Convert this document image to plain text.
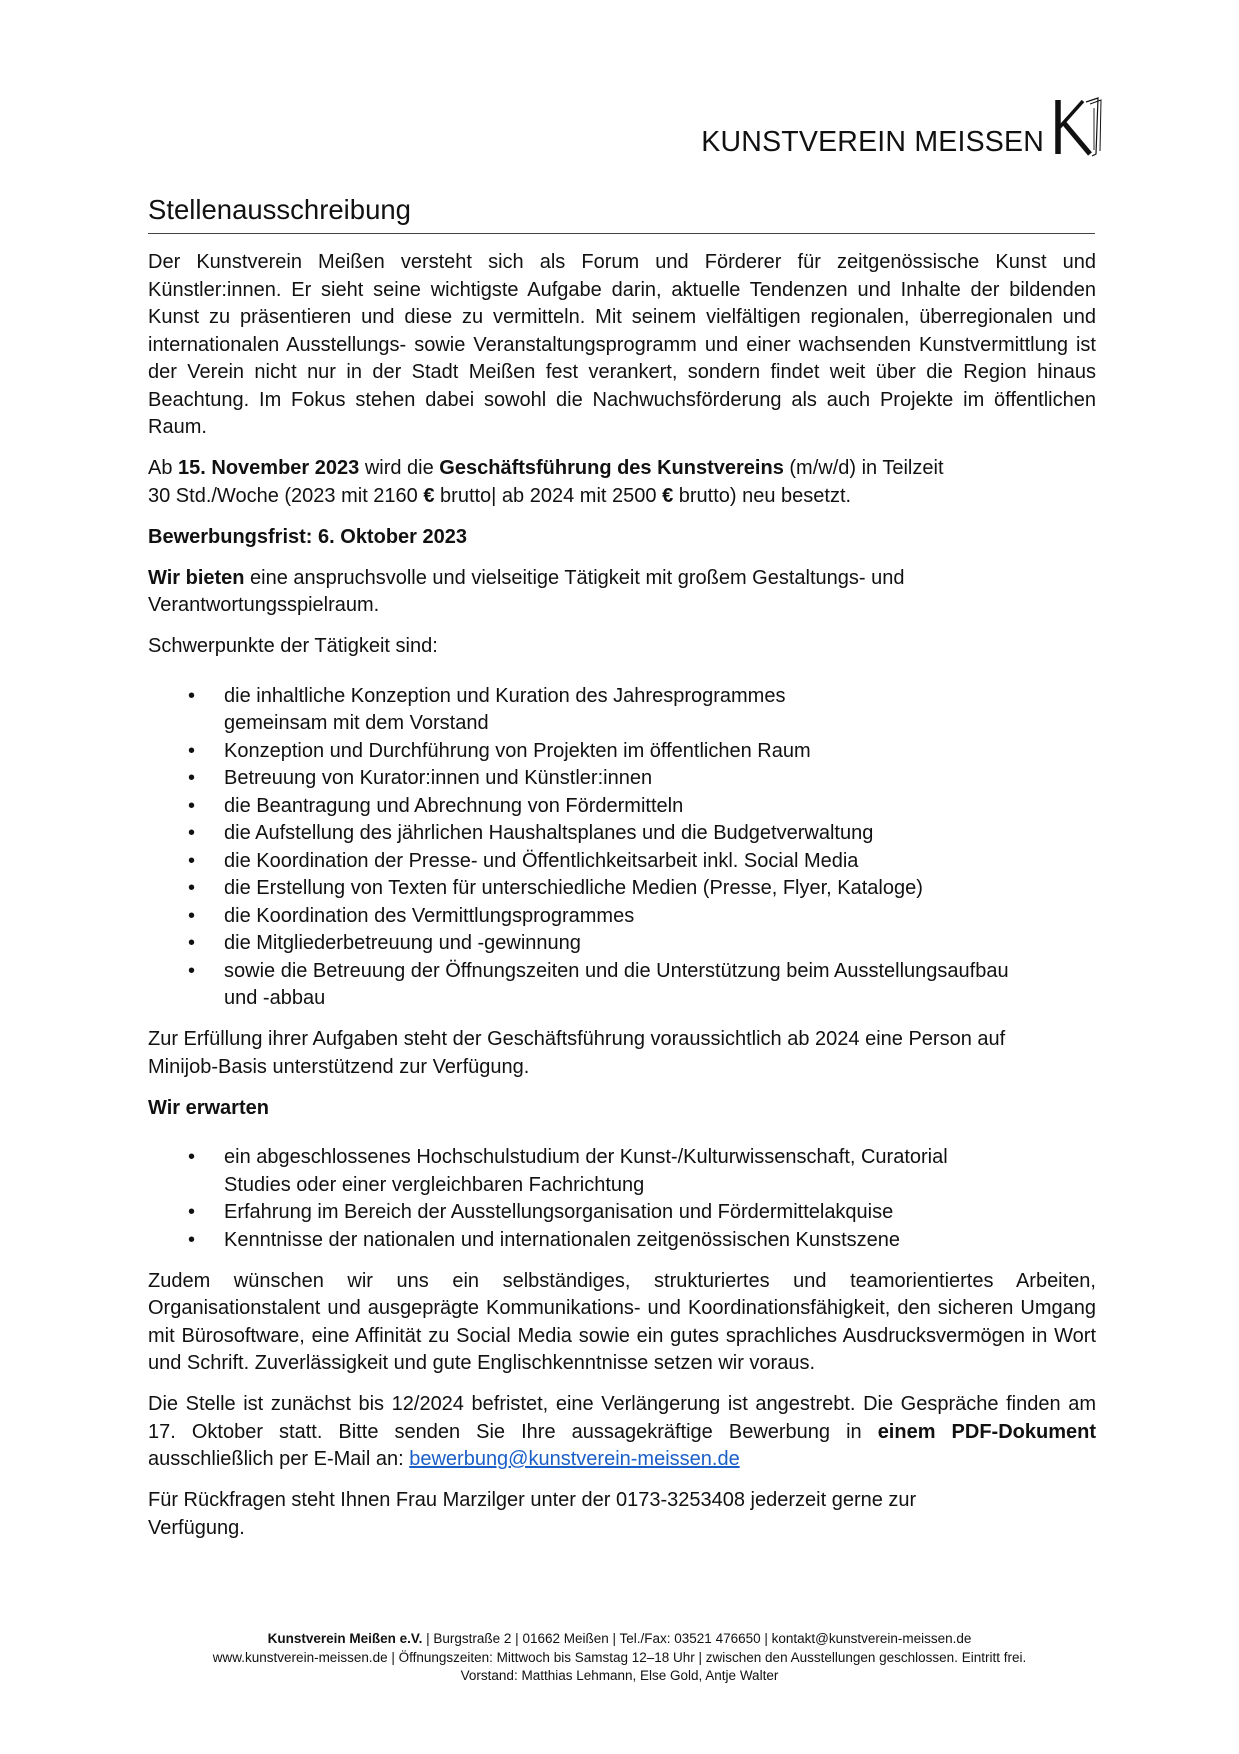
KUNSTVEREIN MEISSEN
Stellenausschreibung

Der Kunstverein Meißen versteht sich als Forum und Förderer für zeitgenössische Kunst und Künstler:innen. Er sieht seine wichtigste Aufgabe darin, aktuelle Tendenzen und Inhalte der bildenden Kunst zu präsentieren und diese zu vermitteln. Mit seinem vielfältigen regionalen, überregionalen und internationalen Ausstellungs- sowie Veranstaltungsprogramm und einer wachsenden Kunstvermittlung ist der Verein nicht nur in der Stadt Meißen fest verankert, sondern findet weit über die Region hinaus Beachtung. Im Fokus stehen dabei sowohl die Nachwuchsförderung als auch Projekte im öffentlichen Raum.

Ab 15. November 2023 wird die Geschäftsführung des Kunstvereins (m/w/d) in Teilzeit
30 Std./Woche (2023 mit 2160 € brutto| ab 2024 mit 2500 € brutto) neu besetzt.

Bewerbungsfrist: 6. Oktober 2023

Wir bieten eine anspruchsvolle und vielseitige Tätigkeit mit großem Gestaltungs- und
Verantwortungsspielraum.

Schwerpunkte der Tätigkeit sind:

• die inhaltliche Konzeption und Kuration des Jahresprogrammes
gemeinsam mit dem Vorstand
• Konzeption und Durchführung von Projekten im öffentlichen Raum
• Betreuung von Kurator:innen und Künstler:innen
• die Beantragung und Abrechnung von Fördermitteln
• die Aufstellung des jährlichen Haushaltsplanes und die Budgetverwaltung
• die Koordination der Presse- und Öffentlichkeitsarbeit inkl. Social Media
• die Erstellung von Texten für unterschiedliche Medien (Presse, Flyer, Kataloge)
• die Koordination des Vermittlungsprogrammes
• die Mitgliederbetreuung und -gewinnung
• sowie die Betreuung der Öffnungszeiten und die Unterstützung beim Ausstellungsaufbau
und -abbau

Zur Erfüllung ihrer Aufgaben steht der Geschäftsführung voraussichtlich ab 2024 eine Person auf
Minijob-Basis unterstützend zur Verfügung.

Wir erwarten

• ein abgeschlossenes Hochschulstudium der Kunst-/Kulturwissenschaft, Curatorial
Studies oder einer vergleichbaren Fachrichtung
• Erfahrung im Bereich der Ausstellungsorganisation und Fördermittelakquise
• Kenntnisse der nationalen und internationalen zeitgenössischen Kunstszene

Zudem wünschen wir uns ein selbständiges, strukturiertes und teamorientiertes Arbeiten, Organisationstalent und ausgeprägte Kommunikations- und Koordinationsfähigkeit, den sicheren Umgang mit Bürosoftware, eine Affinität zu Social Media sowie ein gutes sprachliches Ausdrucksvermögen in Wort und Schrift. Zuverlässigkeit und gute Englischkenntnisse setzen wir voraus.

Die Stelle ist zunächst bis 12/2024 befristet, eine Verlängerung ist angestrebt. Die Gespräche finden am 17. Oktober statt. Bitte senden Sie Ihre aussagekräftige Bewerbung in einem PDF-Dokument ausschließlich per E-Mail an: bewerbung@kunstverein-meissen.de

Für Rückfragen steht Ihnen Frau Marzilger unter der 0173-3253408 jederzeit gerne zur
Verfügung.

Kunstverein Meißen e.V. | Burgstraße 2 | 01662 Meißen | Tel./Fax: 03521 476650 | kontakt@kunstverein-meissen.de
www.kunstverein-meissen.de | Öffnungszeiten: Mittwoch bis Samstag 12–18 Uhr | zwischen den Ausstellungen geschlossen. Eintritt frei.
Vorstand: Matthias Lehmann, Else Gold, Antje Walter
